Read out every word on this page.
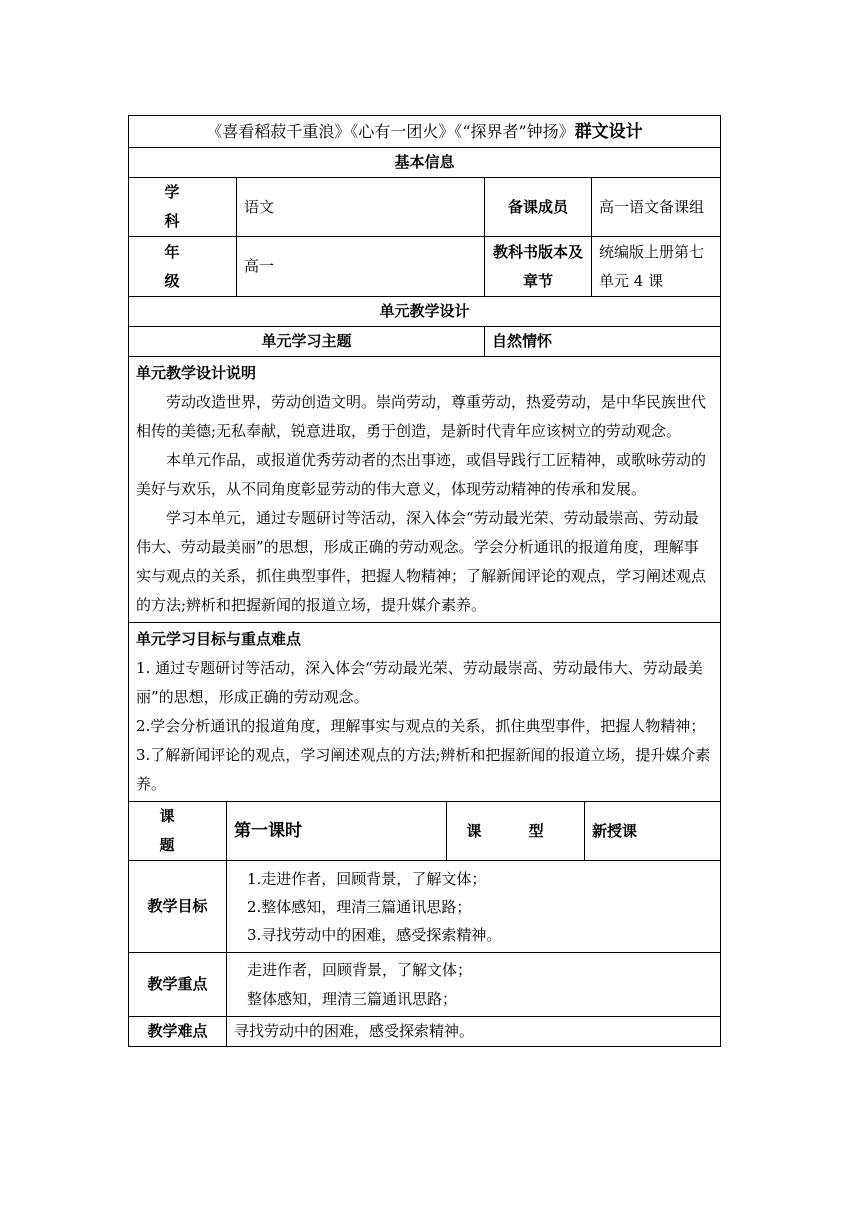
《喜看稻菽千重浪》《心有一团火》《“探界者”钟扬》群文设计			
基本信息			
学 科	语文	备课成员	高一语文备课组
年 级	高一	教科书版本及章节	统编版上册第七单元 4 课
单元教学设计			
单元学习主题		自然情怀	

单元教学设计说明

劳动改造世界，劳动创造文明。崇尚劳动，尊重劳动，热爱劳动，是中华民族世代相传的美德;无私奉献，锐意进取，勇于创造，是新时代青年应该树立的劳动观念。

本单元作品，或报道优秀劳动者的杰出事迹，或倡导践行工匠精神，或歌咏劳动的美好与欢乐，从不同角度彰显劳动的伟大意义，体现劳动精神的传承和发展。

学习本单元，通过专题研讨等活动，深入体会“劳动最光荣、劳动最崇高、劳动最伟大、劳动最美丽”的思想，形成正确的劳动观念。学会分析通讯的报道角度，理解事实与观点的关系，抓住典型事件，把握人物精神；了解新闻评论的观点，学习阐述观点的方法;辨析和把握新闻的报道立场，提升媒介素养。			

单元学习目标与重点难点

1. 通过专题研讨等活动，深入体会“劳动最光荣、劳动最崇高、劳动最伟大、劳动最美丽”的思想，形成正确的劳动观念。

2.学会分析通讯的报道角度，理解事实与观点的关系，抓住典型事件，把握人物精神；

3.了解新闻评论的观点，学习阐述观点的方法;辨析和把握新闻的报道立场，提升媒介素养。			

课 题	第一课时	课 型	新授课
教学目标	1.走进作者，回顾背景，了解文体；

2.整体感知，理清三篇通讯思路；

3.寻找劳动中的困难，感受探索精神。		

教学重点	走进作者，回顾背景，了解文体；

整体感知，理清三篇通讯思路；		

教学难点	寻找劳动中的困难，感受探索精神。		
